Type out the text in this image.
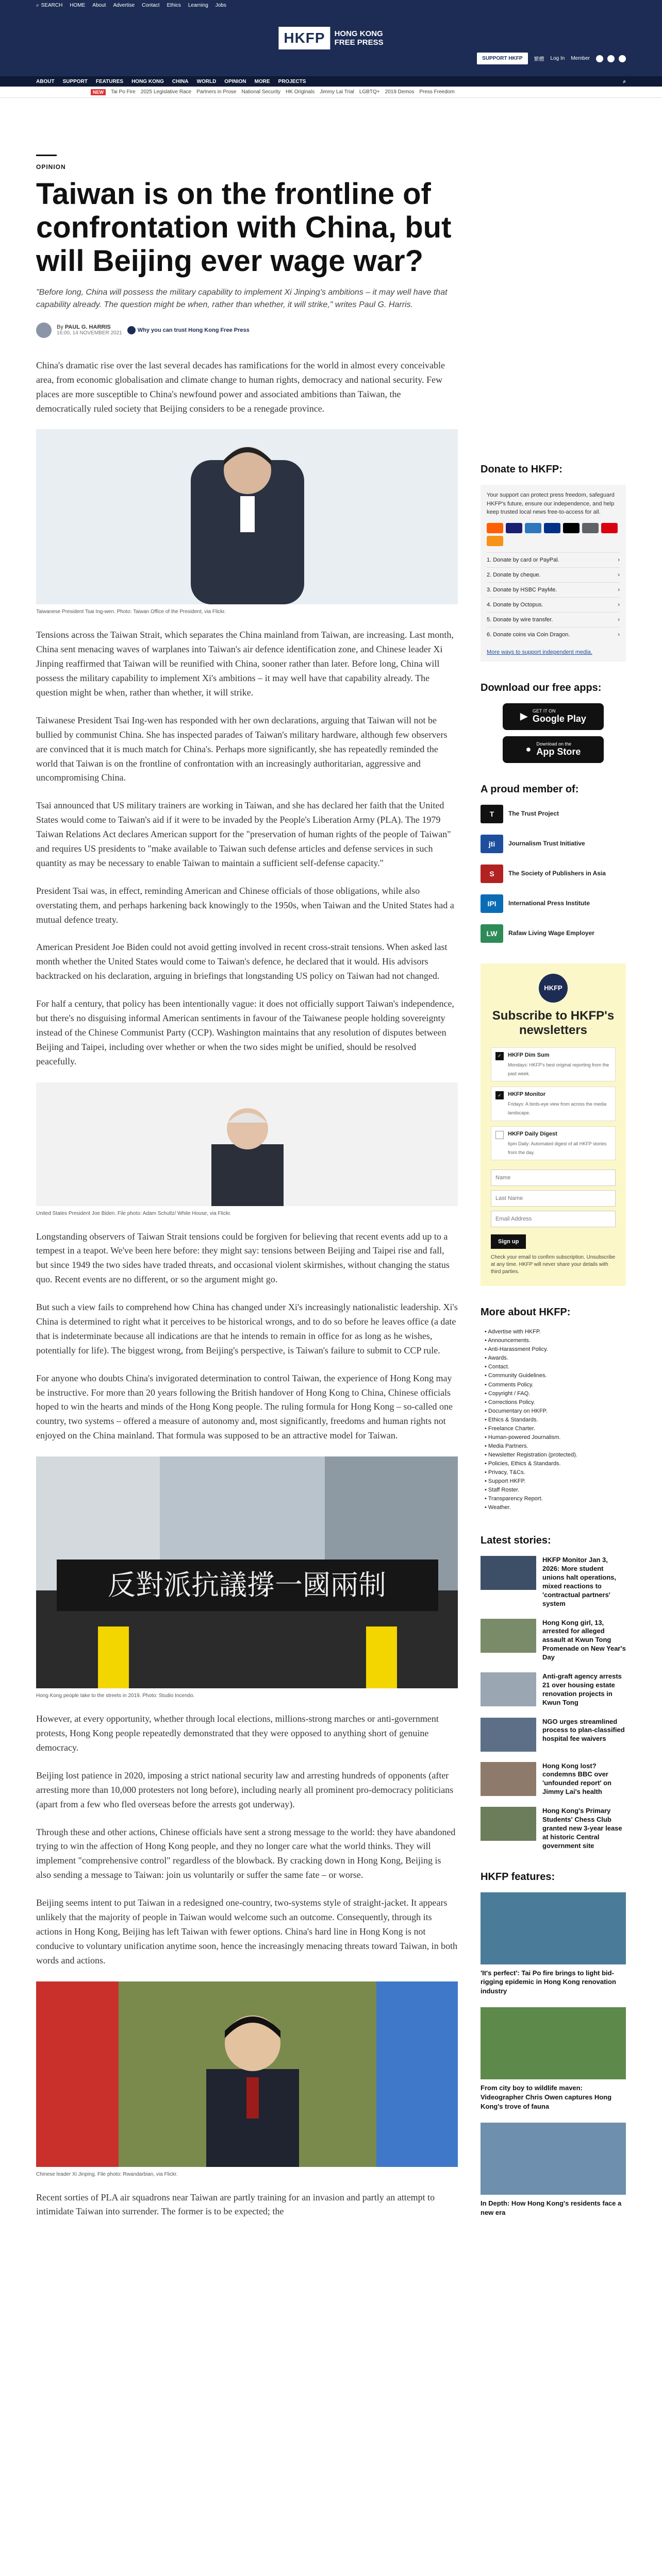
⌕ SEARCH HOME About Advertise Contact Ethics Learning Jobs
HKFP	HONG KONG
FREE PRESS
SUPPORT HKFP	繁體 Log In Member
ABOUT SUPPORT FEATURES HONG KONG CHINA WORLD OPINION MORE PROJECTS	⌕
NEW	Tai Po Fire 2025 Legislative Race Partners in Prose National Security HK Originals Jimmy Lai Trial LGBTQ+ 2019 Demos Press Freedom
OPINION
Taiwan is on the frontline of confrontation with China, but will Beijing ever wage war?

"Before long, China will possess the military capability to implement Xi Jinping's ambitions – it may well have that capability already. The question might be when, rather than whether, it will strike," writes Paul G. Harris.

By PAUL G. HARRIS
16:00, 14 NOVEMBER 2021	Why you can trust Hong Kong Free Press

China's dramatic rise over the last several decades has ramifications for the world in almost every conceivable area, from economic globalisation and climate change to human rights, democracy and national security. Few places are more susceptible to China's newfound power and associated ambitions than Taiwan, the democratically ruled society that Beijing considers to be a renegade province.

Taiwanese President Tsai Ing-wen. Photo: Taiwan Office of the President, via Flickr.

Tensions across the Taiwan Strait, which separates the China mainland from Taiwan, are increasing. Last month, China sent menacing waves of warplanes into Taiwan's air defence identification zone, and Chinese leader Xi Jinping reaffirmed that Taiwan will be reunified with China, sooner rather than later. Before long, China will possess the military capability to implement Xi's ambitions – it may well have that capability already. The question might be when, rather than whether, it will strike.

Taiwanese President Tsai Ing-wen has responded with her own declarations, arguing that Taiwan will not be bullied by communist China. She has inspected parades of Taiwan's military hardware, although few observers are convinced that it is much match for China's. Perhaps more significantly, she has repeatedly reminded the world that Taiwan is on the frontline of confrontation with an increasingly authoritarian, aggressive and uncompromising China.

Tsai announced that US military trainers are working in Taiwan, and she has declared her faith that the United States would come to Taiwan's aid if it were to be invaded by the People's Liberation Army (PLA). The 1979 Taiwan Relations Act declares American support for the "preservation of human rights of the people of Taiwan" and requires US presidents to "make available to Taiwan such defense articles and defense services in such quantity as may be necessary to enable Taiwan to maintain a sufficient self-defense capacity."

President Tsai was, in effect, reminding American and Chinese officials of those obligations, while also overstating them, and perhaps harkening back knowingly to the 1950s, when Taiwan and the United States had a mutual defence treaty.

American President Joe Biden could not avoid getting involved in recent cross-strait tensions. When asked last month whether the United States would come to Taiwan's defence, he declared that it would. His advisors backtracked on his declaration, arguing in briefings that longstanding US policy on Taiwan had not changed.

For half a century, that policy has been intentionally vague: it does not officially support Taiwan's independence, but there's no disguising informal American sentiments in favour of the Taiwanese people holding sovereignty instead of the Chinese Communist Party (CCP). Washington maintains that any resolution of disputes between Beijing and Taipei, including over whether or when the two sides might be unified, should be resolved peacefully.

United States President Joe Biden. File photo: Adam Schultz/ White House, via Flickr.

Longstanding observers of Taiwan Strait tensions could be forgiven for believing that recent events add up to a tempest in a teapot. We've been here before: they might say: tensions between Beijing and Taipei rise and fall, but since 1949 the two sides have traded threats, and occasional violent skirmishes, without changing the status quo. Recent events are no different, or so the argument might go.

But such a view fails to comprehend how China has changed under Xi's increasingly nationalistic leadership. Xi's China is determined to right what it perceives to be historical wrongs, and to do so before he leaves office (a date that is indeterminate because all indications are that he intends to remain in office for as long as he wishes, potentially for life). The biggest wrong, from Beijing's perspective, is Taiwan's failure to submit to CCP rule.

For anyone who doubts China's invigorated determination to control Taiwan, the experience of Hong Kong may be instructive. For more than 20 years following the British handover of Hong Kong to China, Chinese officials hoped to win the hearts and minds of the Hong Kong people. The ruling formula for Hong Kong – so-called one country, two systems – offered a measure of autonomy and, most significantly, freedoms and human rights not enjoyed on the China mainland. That formula was supposed to be an attractive model for Taiwan.

反對派抗議撐一國兩制

Hong Kong people take to the streets in 2019. Photo: Studio Incendo.

However, at every opportunity, whether through local elections, millions-strong marches or anti-government protests, Hong Kong people repeatedly demonstrated that they were opposed to anything short of genuine democracy.

Beijing lost patience in 2020, imposing a strict national security law and arresting hundreds of opponents (after arresting more than 10,000 protesters not long before), including nearly all prominent pro-democracy politicians (apart from a few who fled overseas before the arrests got underway).

Through these and other actions, Chinese officials have sent a strong message to the world: they have abandoned trying to win the affection of Hong Kong people, and they no longer care what the world thinks. They will implement "comprehensive control" regardless of the blowback. By cracking down in Hong Kong, Beijing is also sending a message to Taiwan: join us voluntarily or suffer the same fate – or worse.

Beijing seems intent to put Taiwan in a redesigned one-country, two-systems style of straight-jacket. It appears unlikely that the majority of people in Taiwan would welcome such an outcome. Consequently, through its actions in Hong Kong, Beijing has left Taiwan with fewer options. China's hard line in Hong Kong is not conducive to voluntary unification anytime soon, hence the increasingly menacing threats toward Taiwan, in both words and actions.

Chinese leader Xi Jinping. File photo: Rwandarbian, via Flickr.

Recent sorties of PLA air squadrons near Taiwan are partly training for an invasion and partly an attempt to intimidate Taiwan into surrender. The former is to be expected; the

Donate to HKFP:

Your support can protect press freedom, safeguard HKFP's future, ensure our independence, and help keep trusted local news free-to-access for all.

1. Donate by card or PayPal.	›
2. Donate by cheque.	›
3. Donate by HSBC PayMe.	›
4. Donate by Octopus.	›
5. Donate by wire transfer.	›
6. Donate coins via Coin Dragon.	›
More ways to support independent media.
Download our free apps:
▶ GET IT ON
Google Play
● Download on the
App Store
A proud member of:
T	The Trust Project
jti	Journalism Trust Initiative
S	The Society of Publishers in Asia
IPI	International Press Institute
LW	Rafaw Living Wage Employer
HKFP
Subscribe to HKFP's newsletters
✓	HKFP Dim Sum
Mondays: HKFP's best original reporting from the past week.
✓	HKFP Monitor
Fridays: A birds-eye view from across the media landscape.
HKFP Daily Digest
6pm Daily: Automated digest of all HKFP stories from the day.
Name Last Name Email Address Sign up

Check your email to confirm subscription. Unsubscribe at any time. HKFP will never share your details with third parties.

More about HKFP:
• Advertise with HKFP.
• Announcements.
• Anti-Harassment Policy.
• Awards.
• Contact.
• Community Guidelines.
• Comments Policy.
• Copyright / FAQ.
• Corrections Policy.
• Documentary on HKFP.
• Ethics & Standards.
• Freelance Charter.
• Human-powered Journalism.
• Media Partners.
• Newsletter Registration (protected).
• Policies, Ethics & Standards.
• Privacy, T&Cs.
• Support HKFP.
• Staff Roster.
• Transparency Report.
• Weather.
Latest stories:
HKFP Monitor Jan 3, 2026: More student unions halt operations, mixed reactions to 'contractual partners' system
Hong Kong girl, 13, arrested for alleged assault at Kwun Tong Promenade on New Year's Day
Anti-graft agency arrests 21 over housing estate renovation projects in Kwun Tong
NGO urges streamlined process to plan-classified hospital fee waivers
Hong Kong lost? condemns BBC over 'unfounded report' on Jimmy Lai's health
Hong Kong's Primary Students' Chess Club granted new 3-year lease at historic Central government site
HKFP features:
'It's perfect': Tai Po fire brings to light bid-rigging epidemic in Hong Kong renovation industry
From city boy to wildlife maven: Videographer Chris Owen captures Hong Kong's trove of fauna
In Depth: How Hong Kong's residents face a new era
